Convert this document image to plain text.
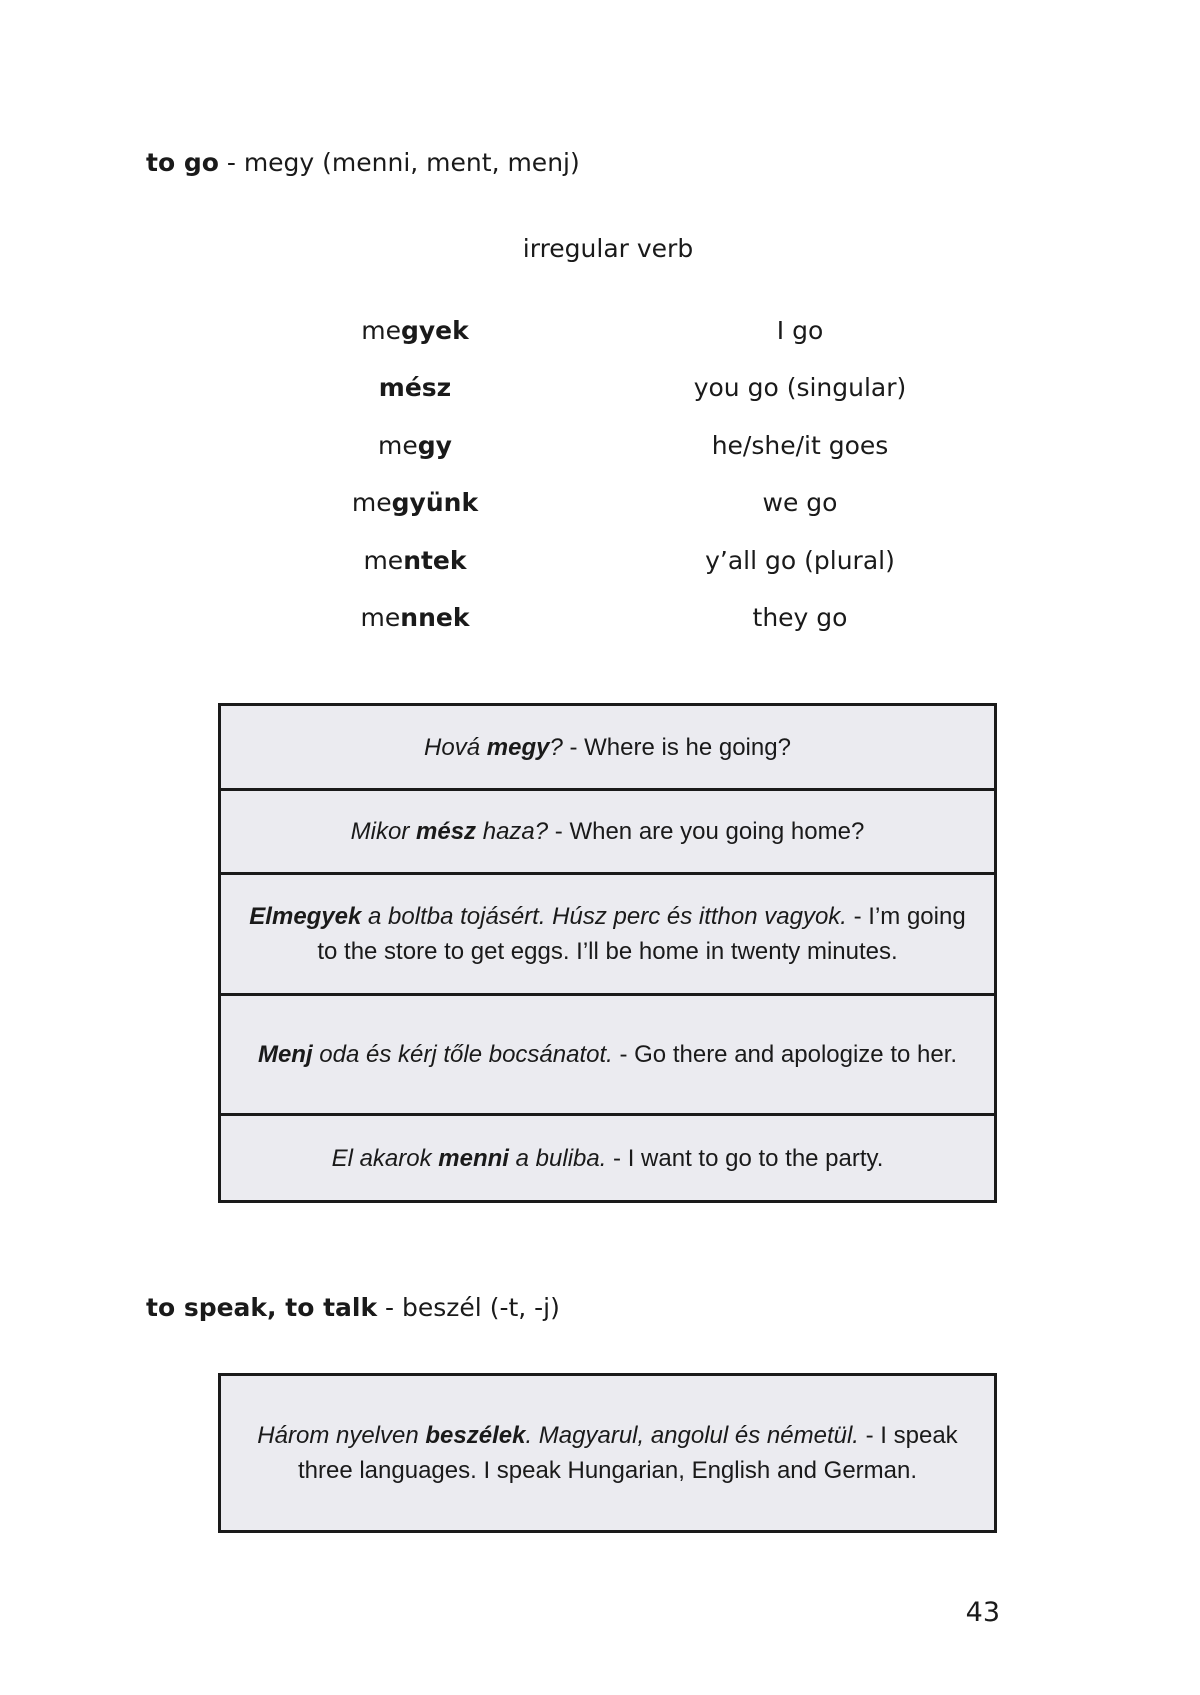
to go - megy (menni, ment, menj)
irregular verb
megyek	I go
mész	you go (singular)
megy	he/she/it goes
megyünk	we go
mentek	y’all go (plural)
mennek	they go
Hová megy? - Where is he going?
Mikor mész haza? - When are you going home?
Elmegyek a boltba tojásért. Húsz perc és itthon vagyok. - I’m going to the store to get eggs. I’ll be home in twenty minutes.
Menj oda és kérj tőle bocsánatot. - Go there and apologize to her.
El akarok menni a buliba. - I want to go to the party.
to speak, to talk - beszél (-t, -j)
Három nyelven beszélek. Magyarul, angolul és németül. - I speak three languages. I speak Hungarian, English and German.
43
